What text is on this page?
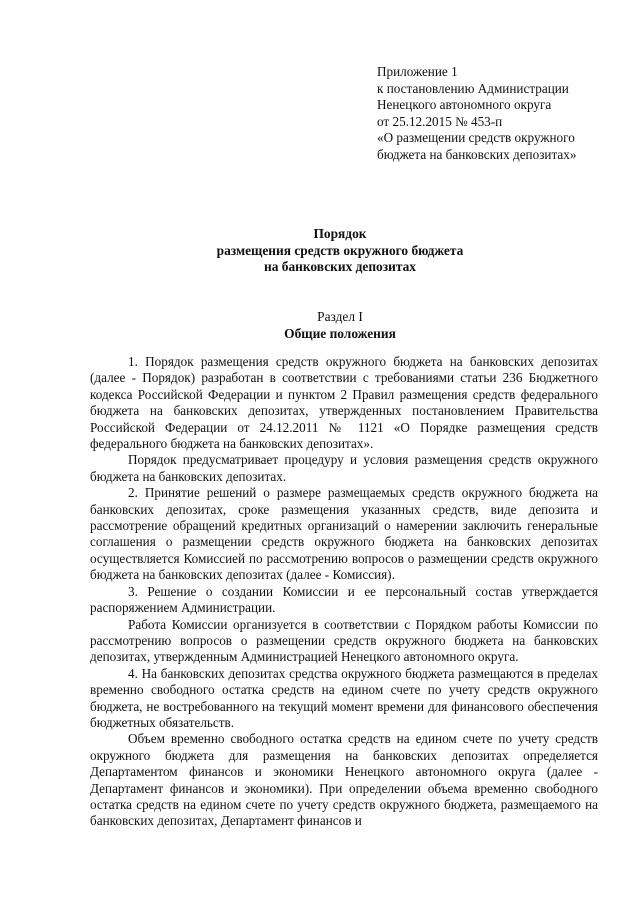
Приложение 1
к постановлению Администрации
Ненецкого автономного округа
от 25.12.2015 № 453-п
«О размещении средств окружного
бюджета на банковских депозитах»
Порядок
размещения средств окружного бюджета
на банковских депозитах
Раздел I
Общие положения

1. Порядок размещения средств окружного бюджета на банковских депозитах (далее - Порядок) разработан в соответствии с требованиями статьи 236 Бюджетного кодекса Российской Федерации и пунктом 2 Правил размещения средств федерального бюджета на банковских депозитах, утвержденных постановлением Правительства Российской Федерации от 24.12.2011 № 1121 «О Порядке размещения средств федерального бюджета на банковских депозитах».

Порядок предусматривает процедуру и условия размещения средств окружного бюджета на банковских депозитах.

2. Принятие решений о размере размещаемых средств окружного бюджета на банковских депозитах, сроке размещения указанных средств, виде депозита и рассмотрение обращений кредитных организаций о намерении заключить генеральные соглашения о размещении средств окружного бюджета на банковских депозитах осуществляется Комиссией по рассмотрению вопросов о размещении средств окружного бюджета на банковских депозитах (далее - Комиссия).

3. Решение о создании Комиссии и ее персональный состав утверждается распоряжением Администрации.

Работа Комиссии организуется в соответствии с Порядком работы Комиссии по рассмотрению вопросов о размещении средств окружного бюджета на банковских депозитах, утвержденным Администрацией Ненецкого автономного округа.

4. На банковских депозитах средства окружного бюджета размещаются в пределах временно свободного остатка средств на едином счете по учету средств окружного бюджета, не востребованного на текущий момент времени для финансового обеспечения бюджетных обязательств.

Объем временно свободного остатка средств на едином счете по учету средств окружного бюджета для размещения на банковских депозитах определяется Департаментом финансов и экономики Ненецкого автономного округа (далее - Департамент финансов и экономики). При определении объема временно свободного остатка средств на едином счете по учету средств окружного бюджета, размещаемого на банковских депозитах, Департамент финансов и
